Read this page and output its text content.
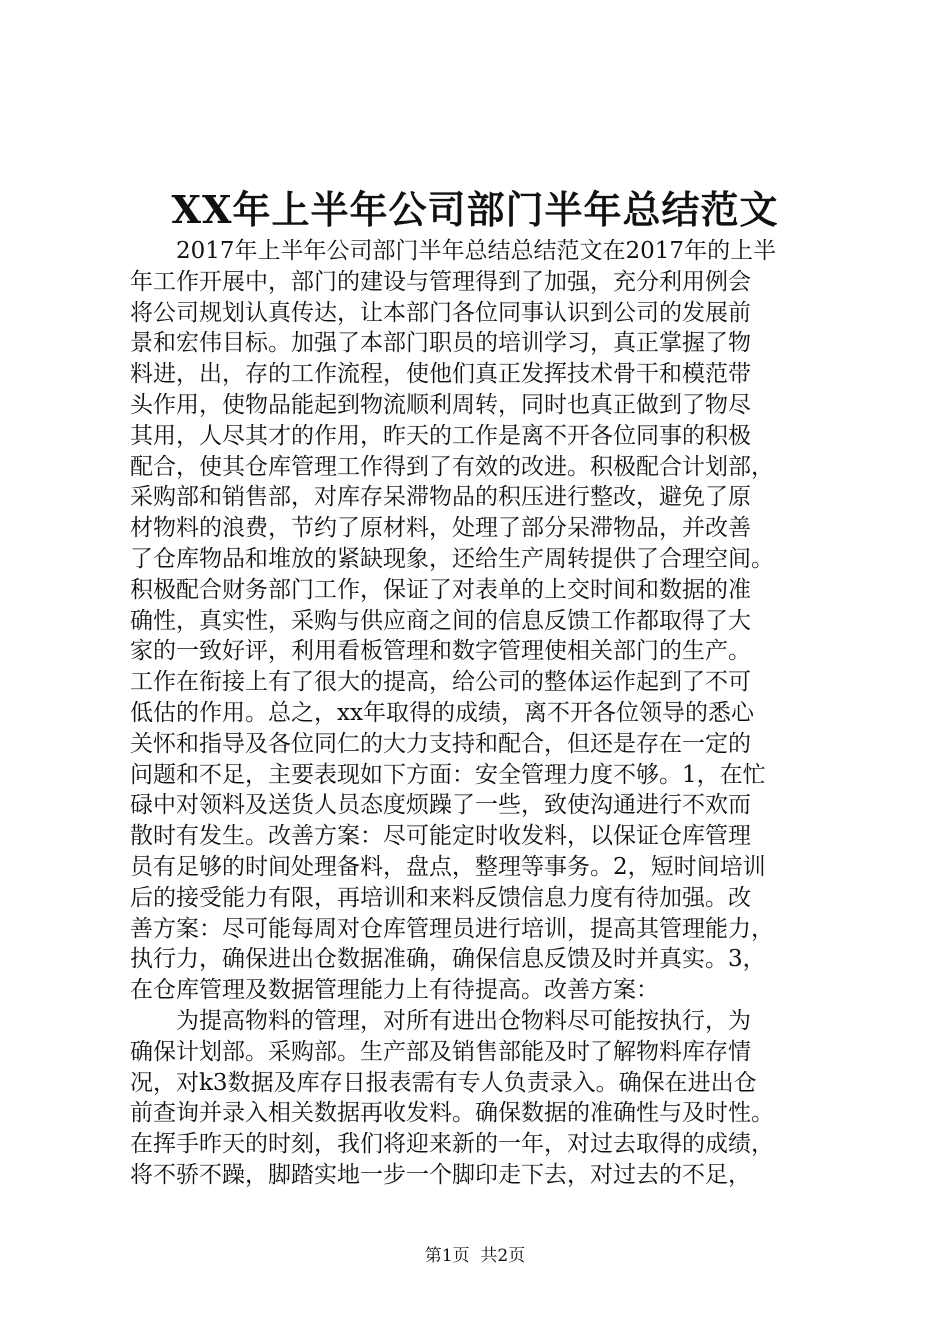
XX年上半年公司部门半年总结范文
2017年上半年公司部门半年总结总结范文在2017年的上半
年工作开展中，部门的建设与管理得到了加强，充分利用例会
将公司规划认真传达，让本部门各位同事认识到公司的发展前
景和宏伟目标。加强了本部门职员的培训学习，真正掌握了物
料进，出，存的工作流程，使他们真正发挥技术骨干和模范带
头作用，使物品能起到物流顺利周转，同时也真正做到了物尽
其用，人尽其才的作用，昨天的工作是离不开各位同事的积极
配合，使其仓库管理工作得到了有效的改进。积极配合计划部，
采购部和销售部，对库存呆滞物品的积压进行整改，避免了原
材物料的浪费，节约了原材料，处理了部分呆滞物品，并改善
了仓库物品和堆放的紧缺现象，还给生产周转提供了合理空间。
积极配合财务部门工作，保证了对表单的上交时间和数据的准
确性，真实性，采购与供应商之间的信息反馈工作都取得了大
家的一致好评，利用看板管理和数字管理使相关部门的生产。
工作在衔接上有了很大的提高，给公司的整体运作起到了不可
低估的作用。总之，xx年取得的成绩，离不开各位领导的悉心
关怀和指导及各位同仁的大力支持和配合，但还是存在一定的
问题和不足，主要表现如下方面：安全管理力度不够。1，在忙
碌中对领料及送货人员态度烦躁了一些，致使沟通进行不欢而
散时有发生。改善方案：尽可能定时收发料，以保证仓库管理
员有足够的时间处理备料，盘点，整理等事务。2，短时间培训
后的接受能力有限，再培训和来料反馈信息力度有待加强。改
善方案：尽可能每周对仓库管理员进行培训，提高其管理能力，
执行力，确保进出仓数据准确，确保信息反馈及时并真实。3，
在仓库管理及数据管理能力上有待提高。改善方案：
为提高物料的管理，对所有进出仓物料尽可能按执行，为
确保计划部。采购部。生产部及销售部能及时了解物料库存情
况，对k3数据及库存日报表需有专人负责录入。确保在进出仓
前查询并录入相关数据再收发料。确保数据的准确性与及时性。
在挥手昨天的时刻，我们将迎来新的一年，对过去取得的成绩，
将不骄不躁，脚踏实地一步一个脚印走下去，对过去的不足，
第1页  共2页
